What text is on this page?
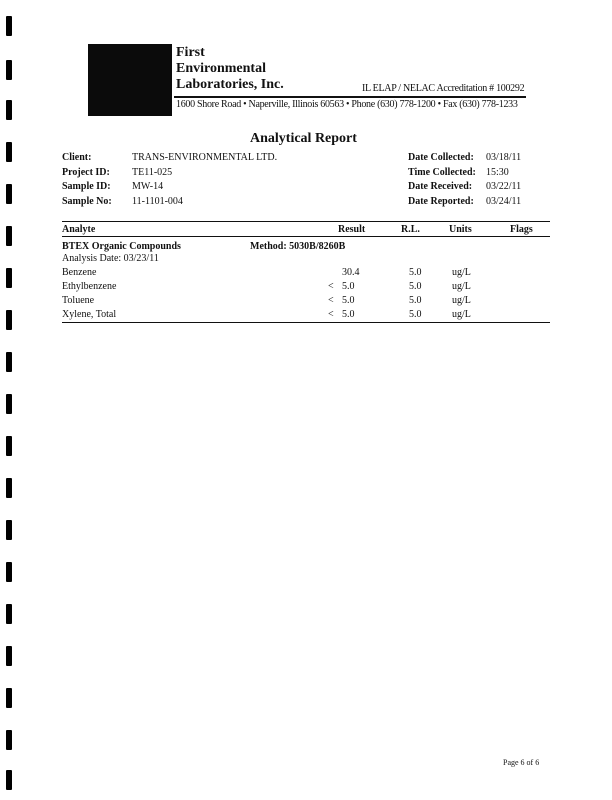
First
Environmental
Laboratories, Inc.	IL ELAP / NELAC Accreditation # 100292
1600 Shore Road • Naperville, Illinois 60563 • Phone (630) 778-1200 • Fax (630) 778-1233
Analytical Report
Client:	TRANS-ENVIRONMENTAL LTD.
Project ID: TE11-025
Sample ID: MW-14
Sample No: 11-1101-004
Date Collected: 03/18/11
Time Collected: 15:30
Date Received: 03/22/11
Date Reported: 03/24/11
Analyte	Result	R.L.	Units	Flags
BTEX Organic Compounds	Method: 5030B/8260B
Analysis Date: 03/23/11
Benzene	30.4	5.0	ug/L
Ethylbenzene	< 5.0	5.0	ug/L
Toluene	< 5.0	5.0	ug/L
Xylene, Total	< 5.0	5.0	ug/L
Page 6 of 6
